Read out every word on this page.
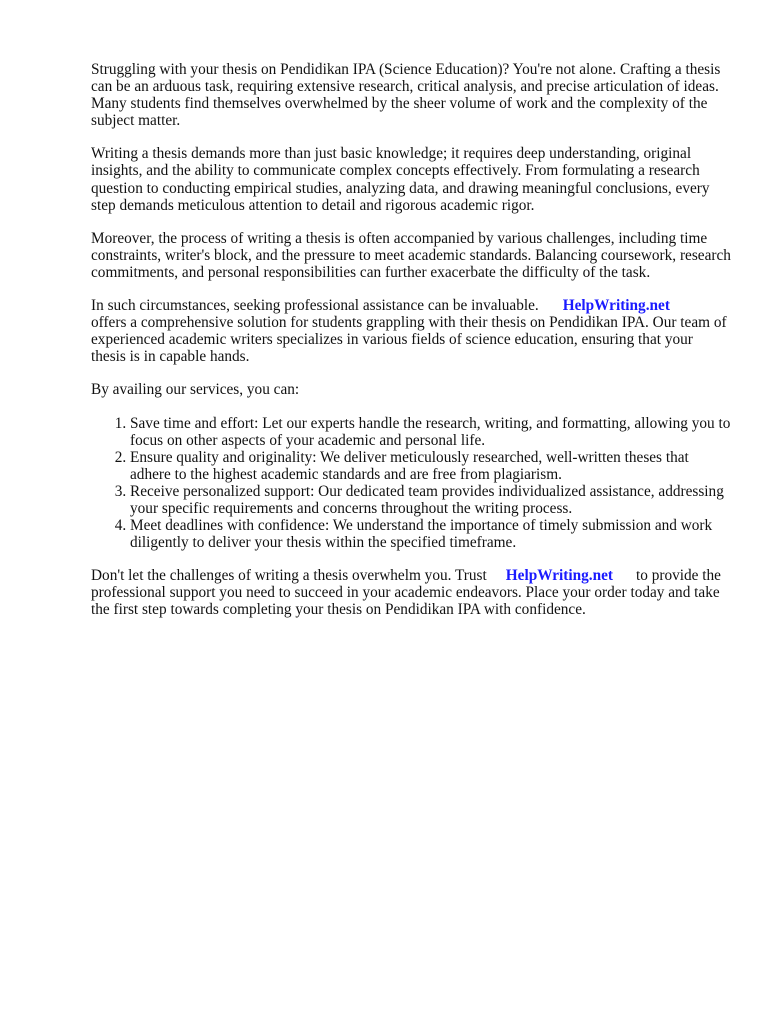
Struggling with your thesis on Pendidikan IPA (Science Education)? You're not alone. Crafting a thesis can be an arduous task, requiring extensive research, critical analysis, and precise articulation of ideas. Many students find themselves overwhelmed by the sheer volume of work and the complexity of the subject matter.

Writing a thesis demands more than just basic knowledge; it requires deep understanding, original insights, and the ability to communicate complex concepts effectively. From formulating a research question to conducting empirical studies, analyzing data, and drawing meaningful conclusions, every step demands meticulous attention to detail and rigorous academic rigor.

Moreover, the process of writing a thesis is often accompanied by various challenges, including time constraints, writer's block, and the pressure to meet academic standards. Balancing coursework, research commitments, and personal responsibilities can further exacerbate the difficulty of the task.

In such circumstances, seeking professional assistance can be invaluable. HelpWriting.net
offers a comprehensive solution for students grappling with their thesis on Pendidikan IPA. Our team of experienced academic writers specializes in various fields of science education, ensuring that your thesis is in capable hands.

By availing our services, you can:

1. Save time and effort: Let our experts handle the research, writing, and formatting, allowing you to focus on other aspects of your academic and personal life.
2. Ensure quality and originality: We deliver meticulously researched, well-written theses that adhere to the highest academic standards and are free from plagiarism.
3. Receive personalized support: Our dedicated team provides individualized assistance, addressing your specific requirements and concerns throughout the writing process.
4. Meet deadlines with confidence: We understand the importance of timely submission and work diligently to deliver your thesis within the specified timeframe.

Don't let the challenges of writing a thesis overwhelm you. Trust HelpWriting.net to provide the professional support you need to succeed in your academic endeavors. Place your order today and take the first step towards completing your thesis on Pendidikan IPA with confidence.
